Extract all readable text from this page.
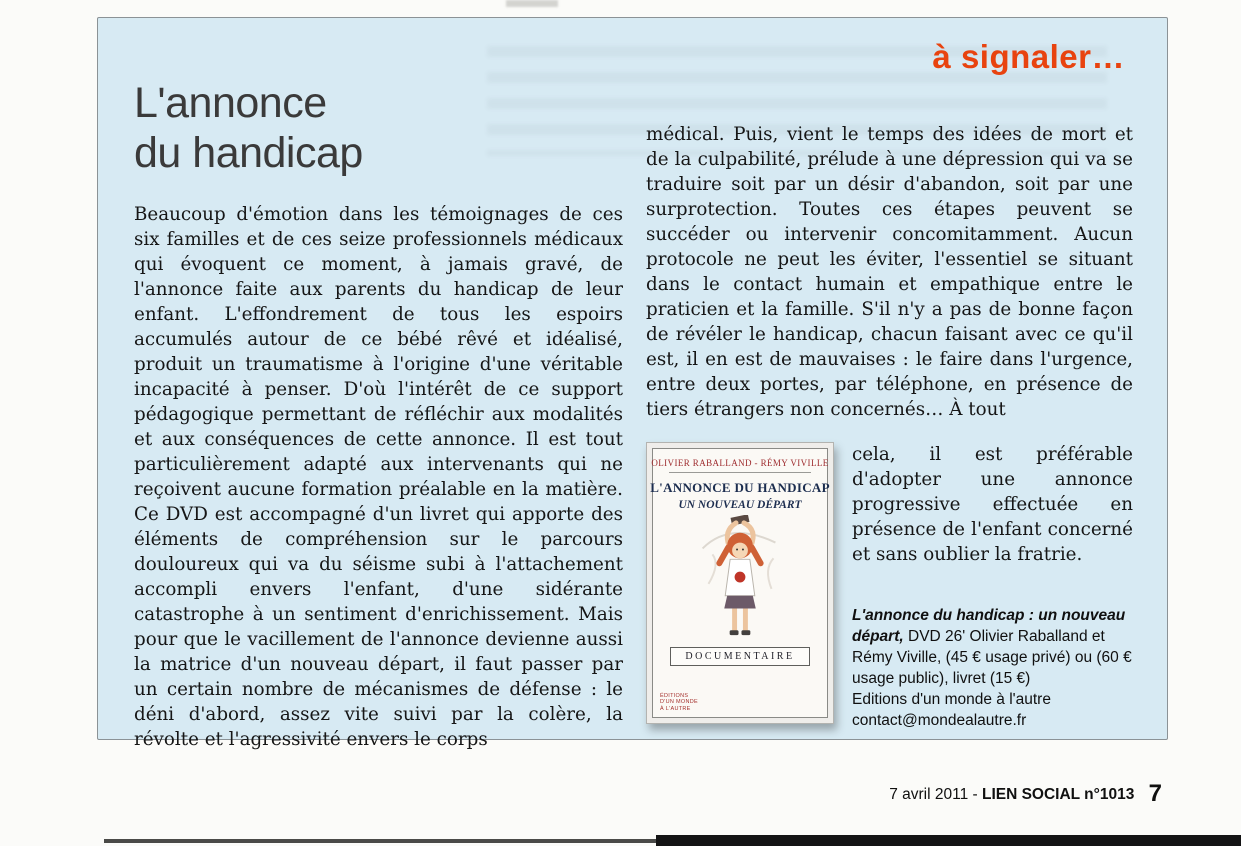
à signaler…
L'annonce
du handicap

Beaucoup d'émotion dans les témoignages de ces six familles et de ces seize professionnels médicaux qui évoquent ce moment, à jamais gravé, de l'annonce faite aux parents du handicap de leur enfant. L'effondrement de tous les espoirs accumulés autour de ce bébé rêvé et idéalisé, produit un traumatisme à l'origine d'une véritable incapacité à penser. D'où l'intérêt de ce support pédagogique permettant de réfléchir aux modalités et aux conséquences de cette annonce. Il est tout particulièrement adapté aux intervenants qui ne reçoivent aucune formation préalable en la matière. Ce DVD est accompagné d'un livret qui apporte des éléments de compréhension sur le parcours douloureux qui va du séisme subi à l'attachement accompli envers l'enfant, d'une sidérante catastrophe à un sentiment d'enrichissement. Mais pour que le vacillement de l'annonce devienne aussi la matrice d'un nouveau départ, il faut passer par un certain nombre de mécanismes de défense : le déni d'abord, assez vite suivi par la colère, la révolte et l'agressivité envers le corps

médical. Puis, vient le temps des idées de mort et de la culpabilité, prélude à une dépression qui va se traduire soit par un désir d'abandon, soit par une surprotection. Toutes ces étapes peuvent se succéder ou intervenir concomitamment. Aucun protocole ne peut les éviter, l'essentiel se situant dans le contact humain et empathique entre le praticien et la famille. S'il n'y a pas de bonne façon de révéler le handicap, chacun faisant avec ce qu'il est, il en est de mauvaises : le faire dans l'urgence, entre deux portes, par téléphone, en présence de tiers étrangers non concernés… À tout

OLIVIER RABALLAND - RÉMY VIVILLE
L'ANNONCE DU HANDICAP
UN NOUVEAU DÉPART
DOCUMENTAIRE
ÉDITIONS
D'UN MONDE
À L'AUTRE

cela, il est préférable d'adopter une annonce progressive effectuée en présence de l'enfant concerné et sans oublier la fratrie.

L'annonce du handicap : un nouveau départ, DVD 26' Olivier Raballand et Rémy Viville, (45 € usage privé) ou (60 € usage public), livret (15 €)
Editions d'un monde à l'autre
contact@mondealautre.fr

7 avril 2011 - LIEN SOCIAL n°1013 7
